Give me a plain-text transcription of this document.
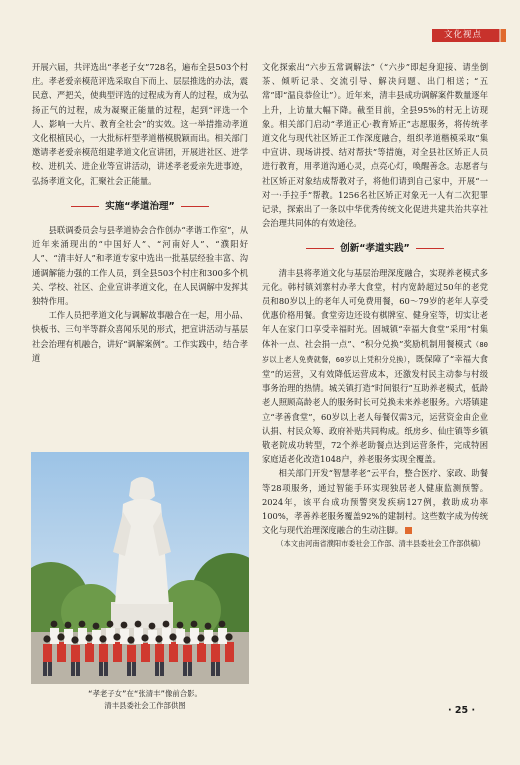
文化视点

开展六届，共评选出“孝老子女”728名，遍布全县503个村庄。孝老爱亲模范评选采取自下而上、层层推选的办法，震民意、严把关，使典型评选的过程成为育人的过程，成为弘扬正气的过程，成为凝聚正能量的过程，起到“评选一个人、影响一大片、教育全社会”的实效。这一举措推动孝道文化根植民心，一大批标杆型孝道楷模脱颖而出。相关部门邀请孝老爱亲模范组建孝道文化宣讲团，开展进社区、进学校、进机关、进企业等宣讲活动，讲述孝老爱亲先进事迹，弘扬孝道文化，汇聚社会正能量。

实施“孝道治理”

县联调委员会与县孝道协会合作创办“孝谐工作室”，从近年来涌现出的“中国好人”、“河南好人”、“濮阳好人”、“清丰好人”和孝道专家中选出一批基层经验丰富、沟通调解能力强的工作人员，到全县503个村庄和300多个机关、学校、社区、企业宣讲孝道文化，在人民调解中发挥其独特作用。

工作人员把孝道文化与调解故事融合在一起，用小品、快板书、三句半等群众喜闻乐见的形式，把宣讲活动与基层社会治理有机融合，讲好“调解案例”。工作实践中，结合孝道

“孝老子女”在“张清丰”像前合影。
清丰县委社会工作部供图

文化探索出“六步五常调解法”（“六步”即起身迎接、请坐倒茶、倾听记录、交流引导、解决问题、出门相送；“五常”即“温良恭俭让”）。近年来，清丰县成功调解案件数量逐年上升，上访量大幅下降。截至目前，全县95%的村无上访现象。相关部门启动“孝道正心·教育矫正”志愿服务，将传统孝道文化与现代社区矫正工作深度融合，组织孝道楷模采取“集中宣讲、现场讲授、结对帮扶”等措施，对全县社区矫正人员进行教育，用孝道沟通心灵，点亮心灯，唤醒善念。志愿者与社区矫正对象结成帮教对子，将他们请到自己家中，开展“一对一·手拉手”帮教。1256名社区矫正对象无一人有二次犯罪记录，探索出了一条以中华优秀传统文化促进共建共治共享社会治理共同体的有效途径。

创新“孝道实践”

清丰县将孝道文化与基层治理深度融合，实现养老模式多元化。韩村镇刘寨村办孝大食堂，村内宽龄超过50年的老党员和80岁以上的老年人可免费用餐，60～79岁的老年人享受优惠价格用餐。食堂旁边还设有棋牌室、健身室等，切实让老年人在家门口享受幸福时光。固城镇“幸福大食堂”采用“村集体补一点、社会捐一点”、“积分兑换”奖励机制用餐模式（80岁以上老人免费就餐，60岁以上凭积分兑换），既保障了“幸福大食堂”的运营，又有效降低运营成本，还激发村民主动参与村级事务治理的热情。城关镇打造“时间银行”互助养老模式，低龄老人照顾高龄老人的服务时长可兑换未来养老服务。六塔镇建立“孝善食堂”，60岁以上老人每餐仅需3元，运营资金由企业认捐、村民众筹、政府补贴共同构成。纸房乡、仙庄镇等乡镇敬老院成功转型，72个养老助餐点达到运营条件，完成特困家庭适老化改造1048户，养老服务实现全覆盖。

相关部门开发“智慧孝老”云平台，整合医疗、家政、助餐等28项服务，通过智能手环实现独居老人健康监测预警。2024年，该平台成功预警突发疾病127例，救助成功率100%，孝善养老服务覆盖92%的建制村。这些数字成为传统文化与现代治理深度融合的生动注脚。

（本文由河南省濮阳市委社会工作部、清丰县委社会工作部供稿）

· 25 ·
